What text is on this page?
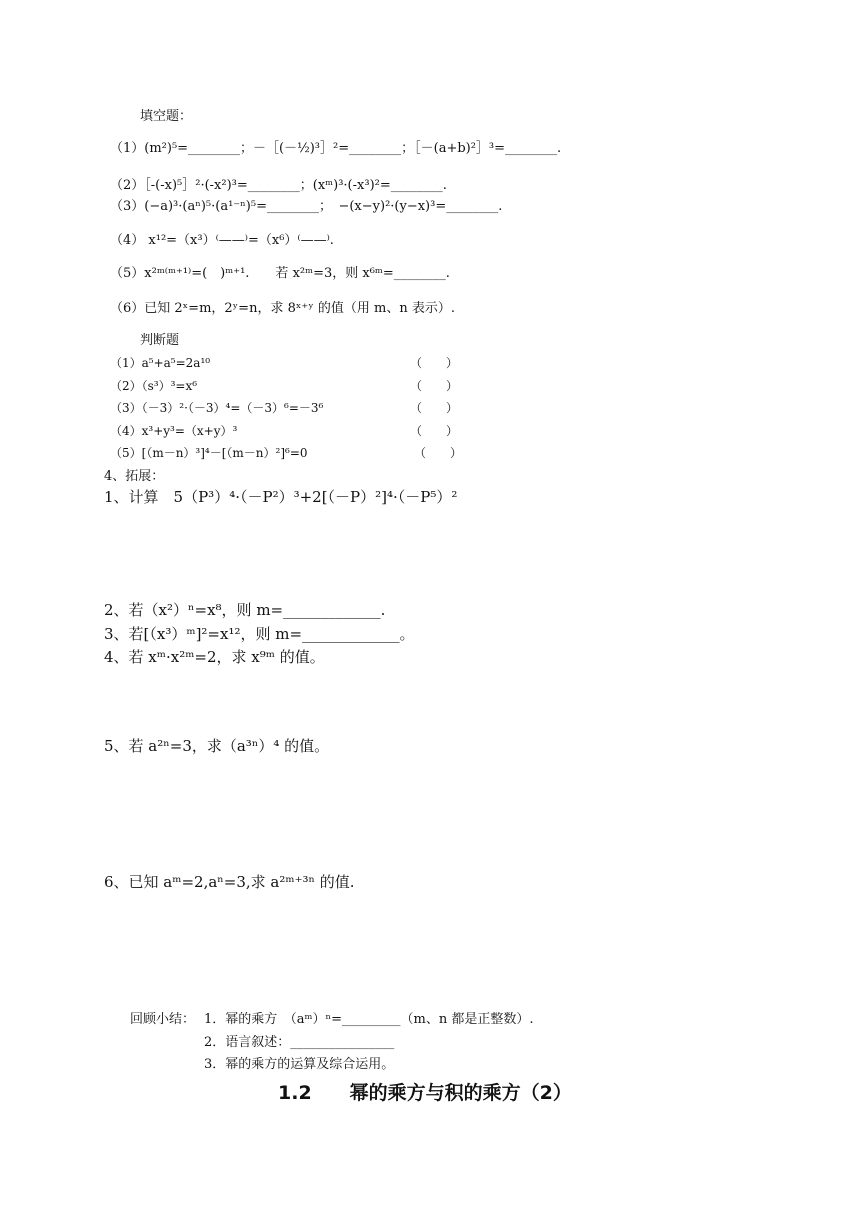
填空题：
（1）(m²)⁵=________；－［(－½)³］²=________；［－(a+b)²］³=________.
（2）［-(-x)⁵］²·(-x²)³=________；(xᵐ)³·(-x³)²=________.
（3）(−a)³·(aⁿ)⁵·(a¹⁻ⁿ)⁵=________；　−(x−y)²·(y−x)³=________.
（4） x¹²=（x³）⁽——⁾=（x⁶）⁽——⁾.
（5）x²ᵐ⁽ᵐ⁺¹⁾=(　)ᵐ⁺¹.　　若 x²ᵐ=3，则 x⁶ᵐ=________.
（6）已知 2ˣ=m，2ʸ=n，求 8ˣ⁺ʸ 的值（用 m、n 表示）.
判断题
（1）a⁵+a⁵=2a¹⁰	（　　）
（2）（s³）³=x⁶	（　　）
（3）（－3）²·（－3）⁴=（－3）⁶=－3⁶	（　　）
（4）x³+y³=（x+y）³	（　　）
（5）[（m－n）³]⁴－[（m－n）²]⁶=0	（　　）
4、拓展：
1、计算　5（P³）⁴·（－P²）³+2[（－P）²]⁴·（－P⁵）²
2、若（x²）ⁿ=x⁸，则 m=_____________.
3、若[（x³）ᵐ]²=x¹²，则 m=_____________。
4、若 xᵐ·x²ᵐ=2，求 x⁹ᵐ 的值。
5、若 a²ⁿ=3，求（a³ⁿ）⁴ 的值。
6、已知 aᵐ=2,aⁿ=3,求 a²ᵐ⁺³ⁿ 的值.
回顾小结： 1．幂的乘方　（aᵐ）ⁿ=_________（m、n 都是正整数）.
2．语言叙述：________________
3．幂的乘方的运算及综合运用。
1.2　　幂的乘方与积的乘方（2）
